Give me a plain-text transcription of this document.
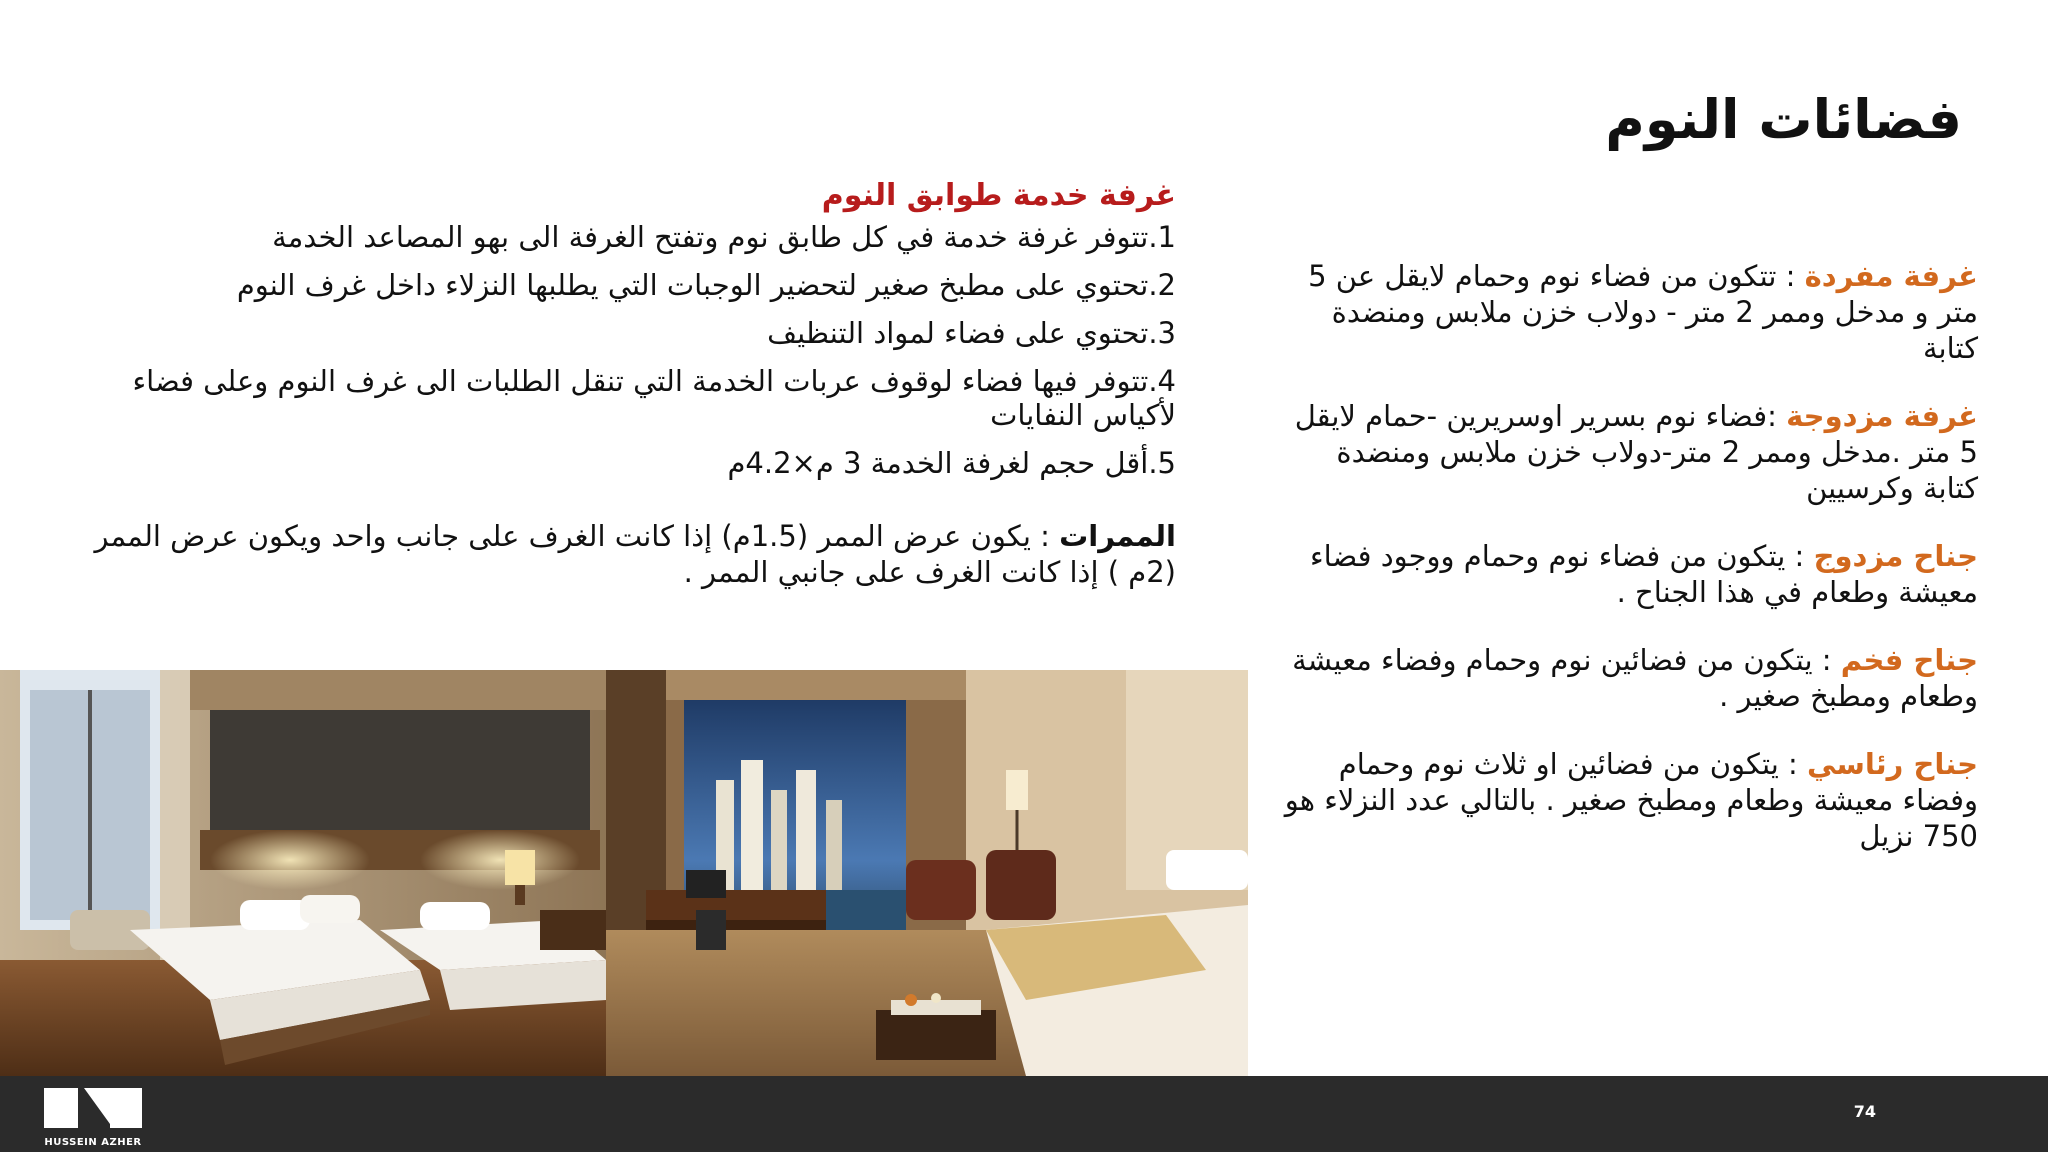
فضائات النوم
غرفة خدمة طوابق النوم

1.تتوفر غرفة خدمة في كل طابق نوم وتفتح الغرفة الى بهو المصاعد الخدمة

2.تحتوي على مطبخ صغير لتحضير الوجبات التي يطلبها النزلاء داخل غرف النوم

3.تحتوي على فضاء لمواد التنظيف

4.تتوفر فيها فضاء لوقوف عربات الخدمة التي تنقل الطلبات الى غرف النوم وعلى فضاء لأكياس النفايات

5.أقل حجم لغرفة الخدمة 3 م×4.2م

الممرات : يكون عرض الممر (1.5م) إذا كانت الغرف على جانب واحد ويكون عرض الممر (2م ) إذا كانت الغرف على جانبي الممر .
غرفة مفردة : تتكون من فضاء نوم وحمام لايقل عن 5 متر و مدخل وممر 2 متر - دولاب خزن ملابس ومنضدة كتابة
غرفة مزدوجة :فضاء نوم بسرير اوسريرين -حمام لايقل 5 متر .مدخل وممر 2 متر-دولاب خزن ملابس ومنضدة كتابة وكرسيين
جناح مزدوج : يتكون من فضاء نوم وحمام ووجود فضاء معيشة وطعام في هذا الجناح .
جناح فخم : يتكون من فضائين نوم وحمام وفضاء معيشة وطعام ومطبخ صغير .
جناح رئاسي : يتكون من فضائين او ثلاث نوم وحمام وفضاء معيشة وطعام ومطبخ صغير . بالتالي عدد النزلاء هو 750 نزيل
HUSSEIN AZHER
74
